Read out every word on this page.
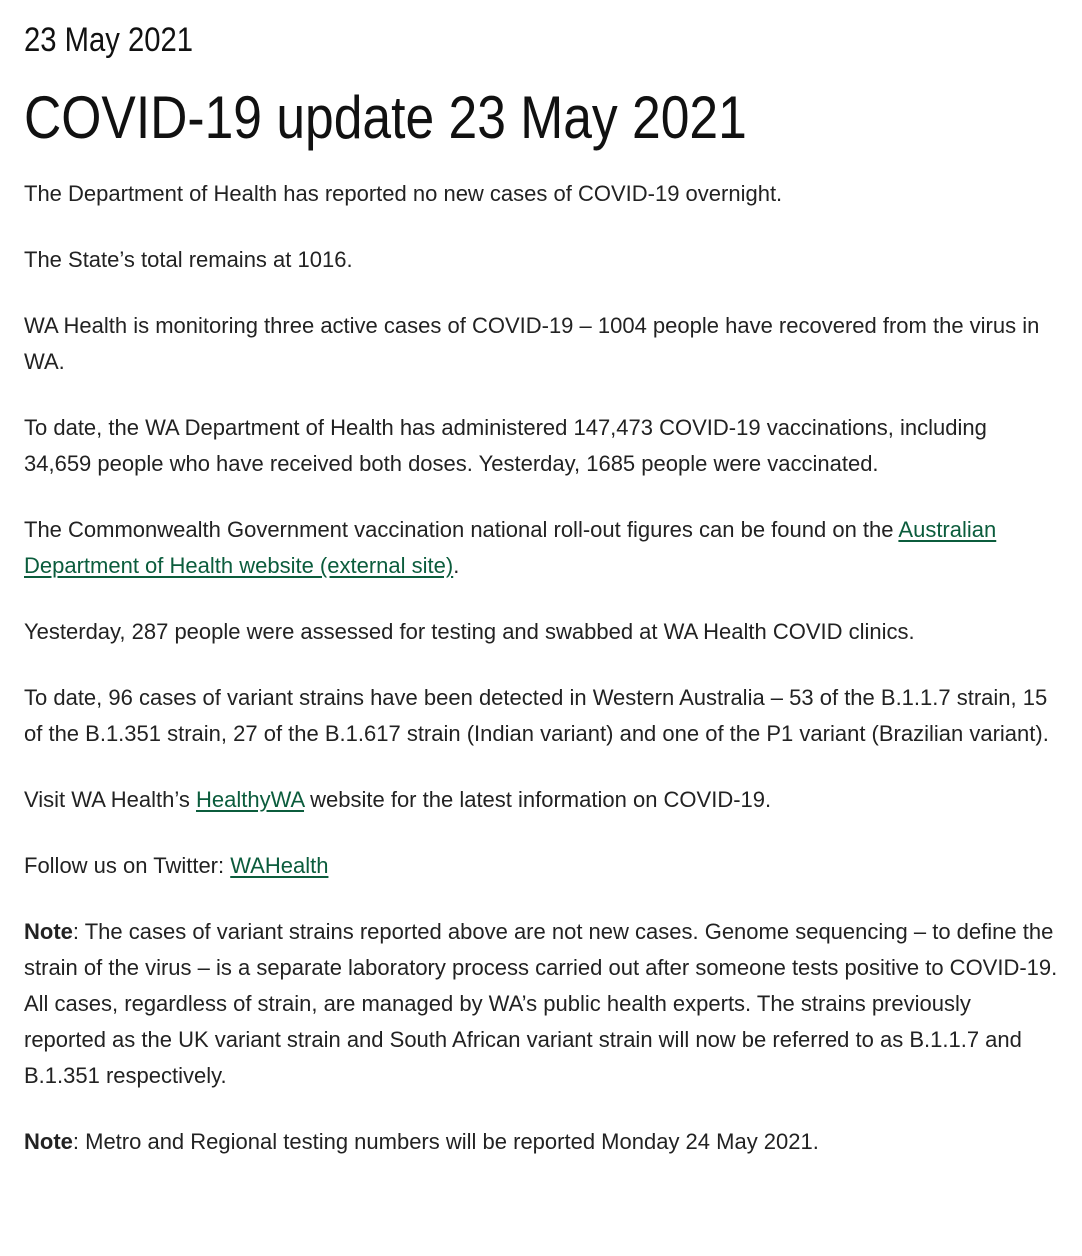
23 May 2021

COVID-19 update 23 May 2021

The Department of Health has reported no new cases of COVID-19 overnight.

The State’s total remains at 1016.

WA Health is monitoring three active cases of COVID-19 – 1004 people have recovered from the virus in WA.

To date, the WA Department of Health has administered 147,473 COVID-19 vaccinations, including 34,659 people who have received both doses. Yesterday, 1685 people were vaccinated.

The Commonwealth Government vaccination national roll-out figures can be found on the Australian Department of Health website (external site).

Yesterday, 287 people were assessed for testing and swabbed at WA Health COVID clinics.

To date, 96 cases of variant strains have been detected in Western Australia – 53 of the B.1.1.7 strain, 15 of the B.1.351 strain, 27 of the B.1.617 strain (Indian variant) and one of the P1 variant (Brazilian variant).

Visit WA Health’s HealthyWA website for the latest information on COVID-19.

Follow us on Twitter: WAHealth

Note: The cases of variant strains reported above are not new cases. Genome sequencing – to define the strain of the virus – is a separate laboratory process carried out after someone tests positive to COVID-19. All cases, regardless of strain, are managed by WA’s public health experts. The strains previously reported as the UK variant strain and South African variant strain will now be referred to as B.1.1.7 and B.1.351 respectively.

Note: Metro and Regional testing numbers will be reported Monday 24 May 2021.
